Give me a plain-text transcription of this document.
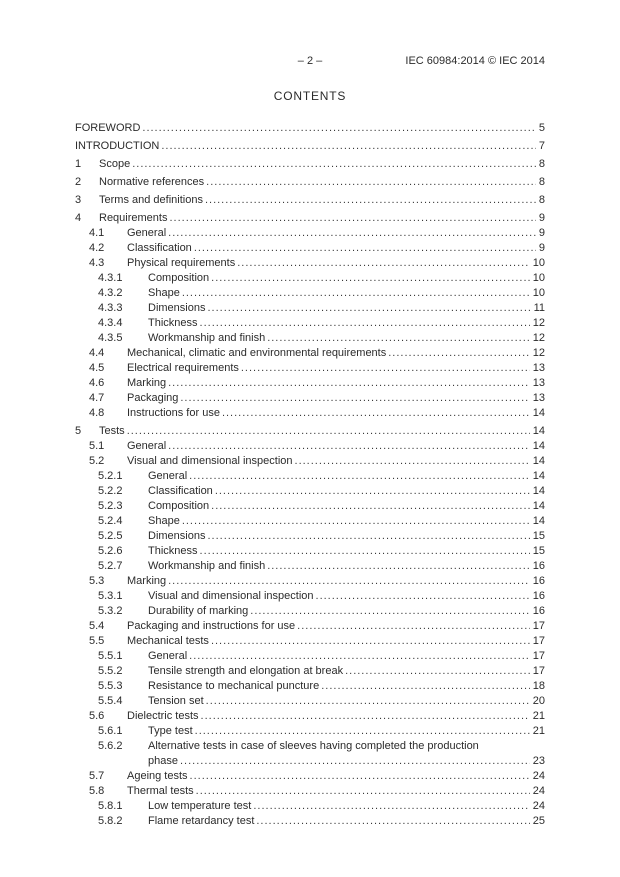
– 2 –	IEC 60984:2014 © IEC 2014
CONTENTS
FOREWORD .....	5
INTRODUCTION .....	7
1	Scope .....	8
2	Normative references .....	8
3	Terms and definitions .....	8
4	Requirements .....	9
4.1	General .....	9
4.2	Classification .....	9
4.3	Physical requirements .....	10
4.3.1	Composition .....	10
4.3.2	Shape .....	10
4.3.3	Dimensions .....	11
4.3.4	Thickness .....	12
4.3.5	Workmanship and finish .....	12
4.4	Mechanical, climatic and environmental requirements .....	12
4.5	Electrical requirements .....	13
4.6	Marking .....	13
4.7	Packaging .....	13
4.8	Instructions for use .....	14
5	Tests .....	14
5.1	General .....	14
5.2	Visual and dimensional inspection .....	14
5.2.1	General .....	14
5.2.2	Classification .....	14
5.2.3	Composition .....	14
5.2.4	Shape .....	14
5.2.5	Dimensions .....	15
5.2.6	Thickness .....	15
5.2.7	Workmanship and finish .....	16
5.3	Marking .....	16
5.3.1	Visual and dimensional inspection .....	16
5.3.2	Durability of marking .....	16
5.4	Packaging and instructions for use .....	17
5.5	Mechanical tests .....	17
5.5.1	General .....	17
5.5.2	Tensile strength and elongation at break .....	17
5.5.3	Resistance to mechanical puncture .....	18
5.5.4	Tension set .....	20
5.6	Dielectric tests .....	21
5.6.1	Type test .....	21
5.6.2	Alternative tests in case of sleeves having completed the production
phase .....	23
5.7	Ageing tests .....	24
5.8	Thermal tests .....	24
5.8.1	Low temperature test .....	24
5.8.2	Flame retardancy test .....	25
